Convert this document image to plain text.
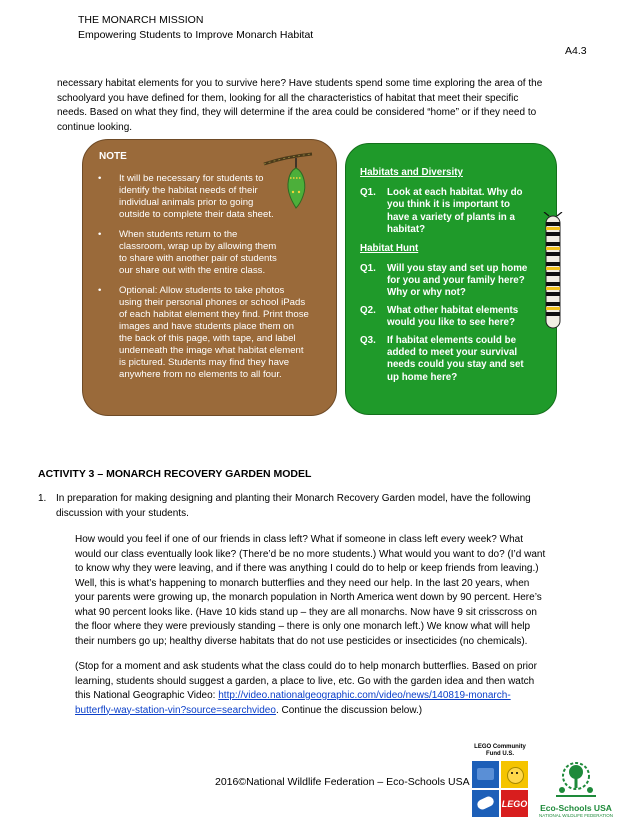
THE MONARCH MISSION
Empowering Students to Improve Monarch Habitat
A4.3
necessary habitat elements for you to survive here? Have students spend some time exploring the area of the
schoolyard you have defined for them, looking for all the characteristics of habitat that meet their specific
needs. Based on what they find, they will determine if the area could be considered “home” or if they need to
continue looking.
NOTE
• It will be necessary for students to
identify the habitat needs of their
individual animals prior to going
outside to complete their data sheet.
• When students return to the
classroom, wrap up by allowing them
to share with another pair of students
our share out with the entire class.
• Optional: Allow students to take photos
using their personal phones or school iPads
of each habitat element they find. Print those
images and have students place them on
the back of this page, with tape, and label
underneath the image what habitat element
is pictured. Students may find they have
anywhere from no elements to all four.
Habitats and Diversity
Q1. Look at each habitat. Why do
you think it is important to
have a variety of plants in a
habitat?
Habitat Hunt
Q1. Will you stay and set up home
for you and your family here?
Why or why not?
Q2. What other habitat elements
would you like to see here?
Q3. If habitat elements could be
added to meet your survival
needs could you stay and set
up home here?
ACTIVITY 3 – MONARCH RECOVERY GARDEN MODEL
1. In preparation for making designing and planting their Monarch Recovery Garden model, have the following
discussion with your students.
How would you feel if one of our friends in class left? What if someone in class left every week? What
would our class eventually look like? (There’d be no more students.) What would you want to do? (I’d want
to know why they were leaving, and if there was anything I could do to help or keep friends from leaving.)
Well, this is what’s happening to monarch butterflies and they need our help. In the last 20 years, when
your parents were growing up, the monarch population in North America went down by 90 percent. Here’s
what 90 percent looks like. (Have 10 kids stand up – they are all monarchs. Now have 9 sit crisscross on
the floor where they were previously standing – there is only one monarch left.) We know what will help
their numbers go up; healthy diverse habitats that do not use pesticides or insecticides (no chemicals).
(Stop for a moment and ask students what the class could do to help monarch butterflies. Based on prior
learning, students should suggest a garden, a place to live, etc. Go with the garden idea and then watch
this National Geographic Video: http://video.nationalgeographic.com/video/news/140819-monarch-
butterfly-way-station-vin?source=searchvideo. Continue the discussion below.)
2016©National Wildlife Federation – Eco-Schools USA
LEGO Community
Fund U.S.
LEGO Eco-Schools USA
NATIONAL WILDLIFE FEDERATION
